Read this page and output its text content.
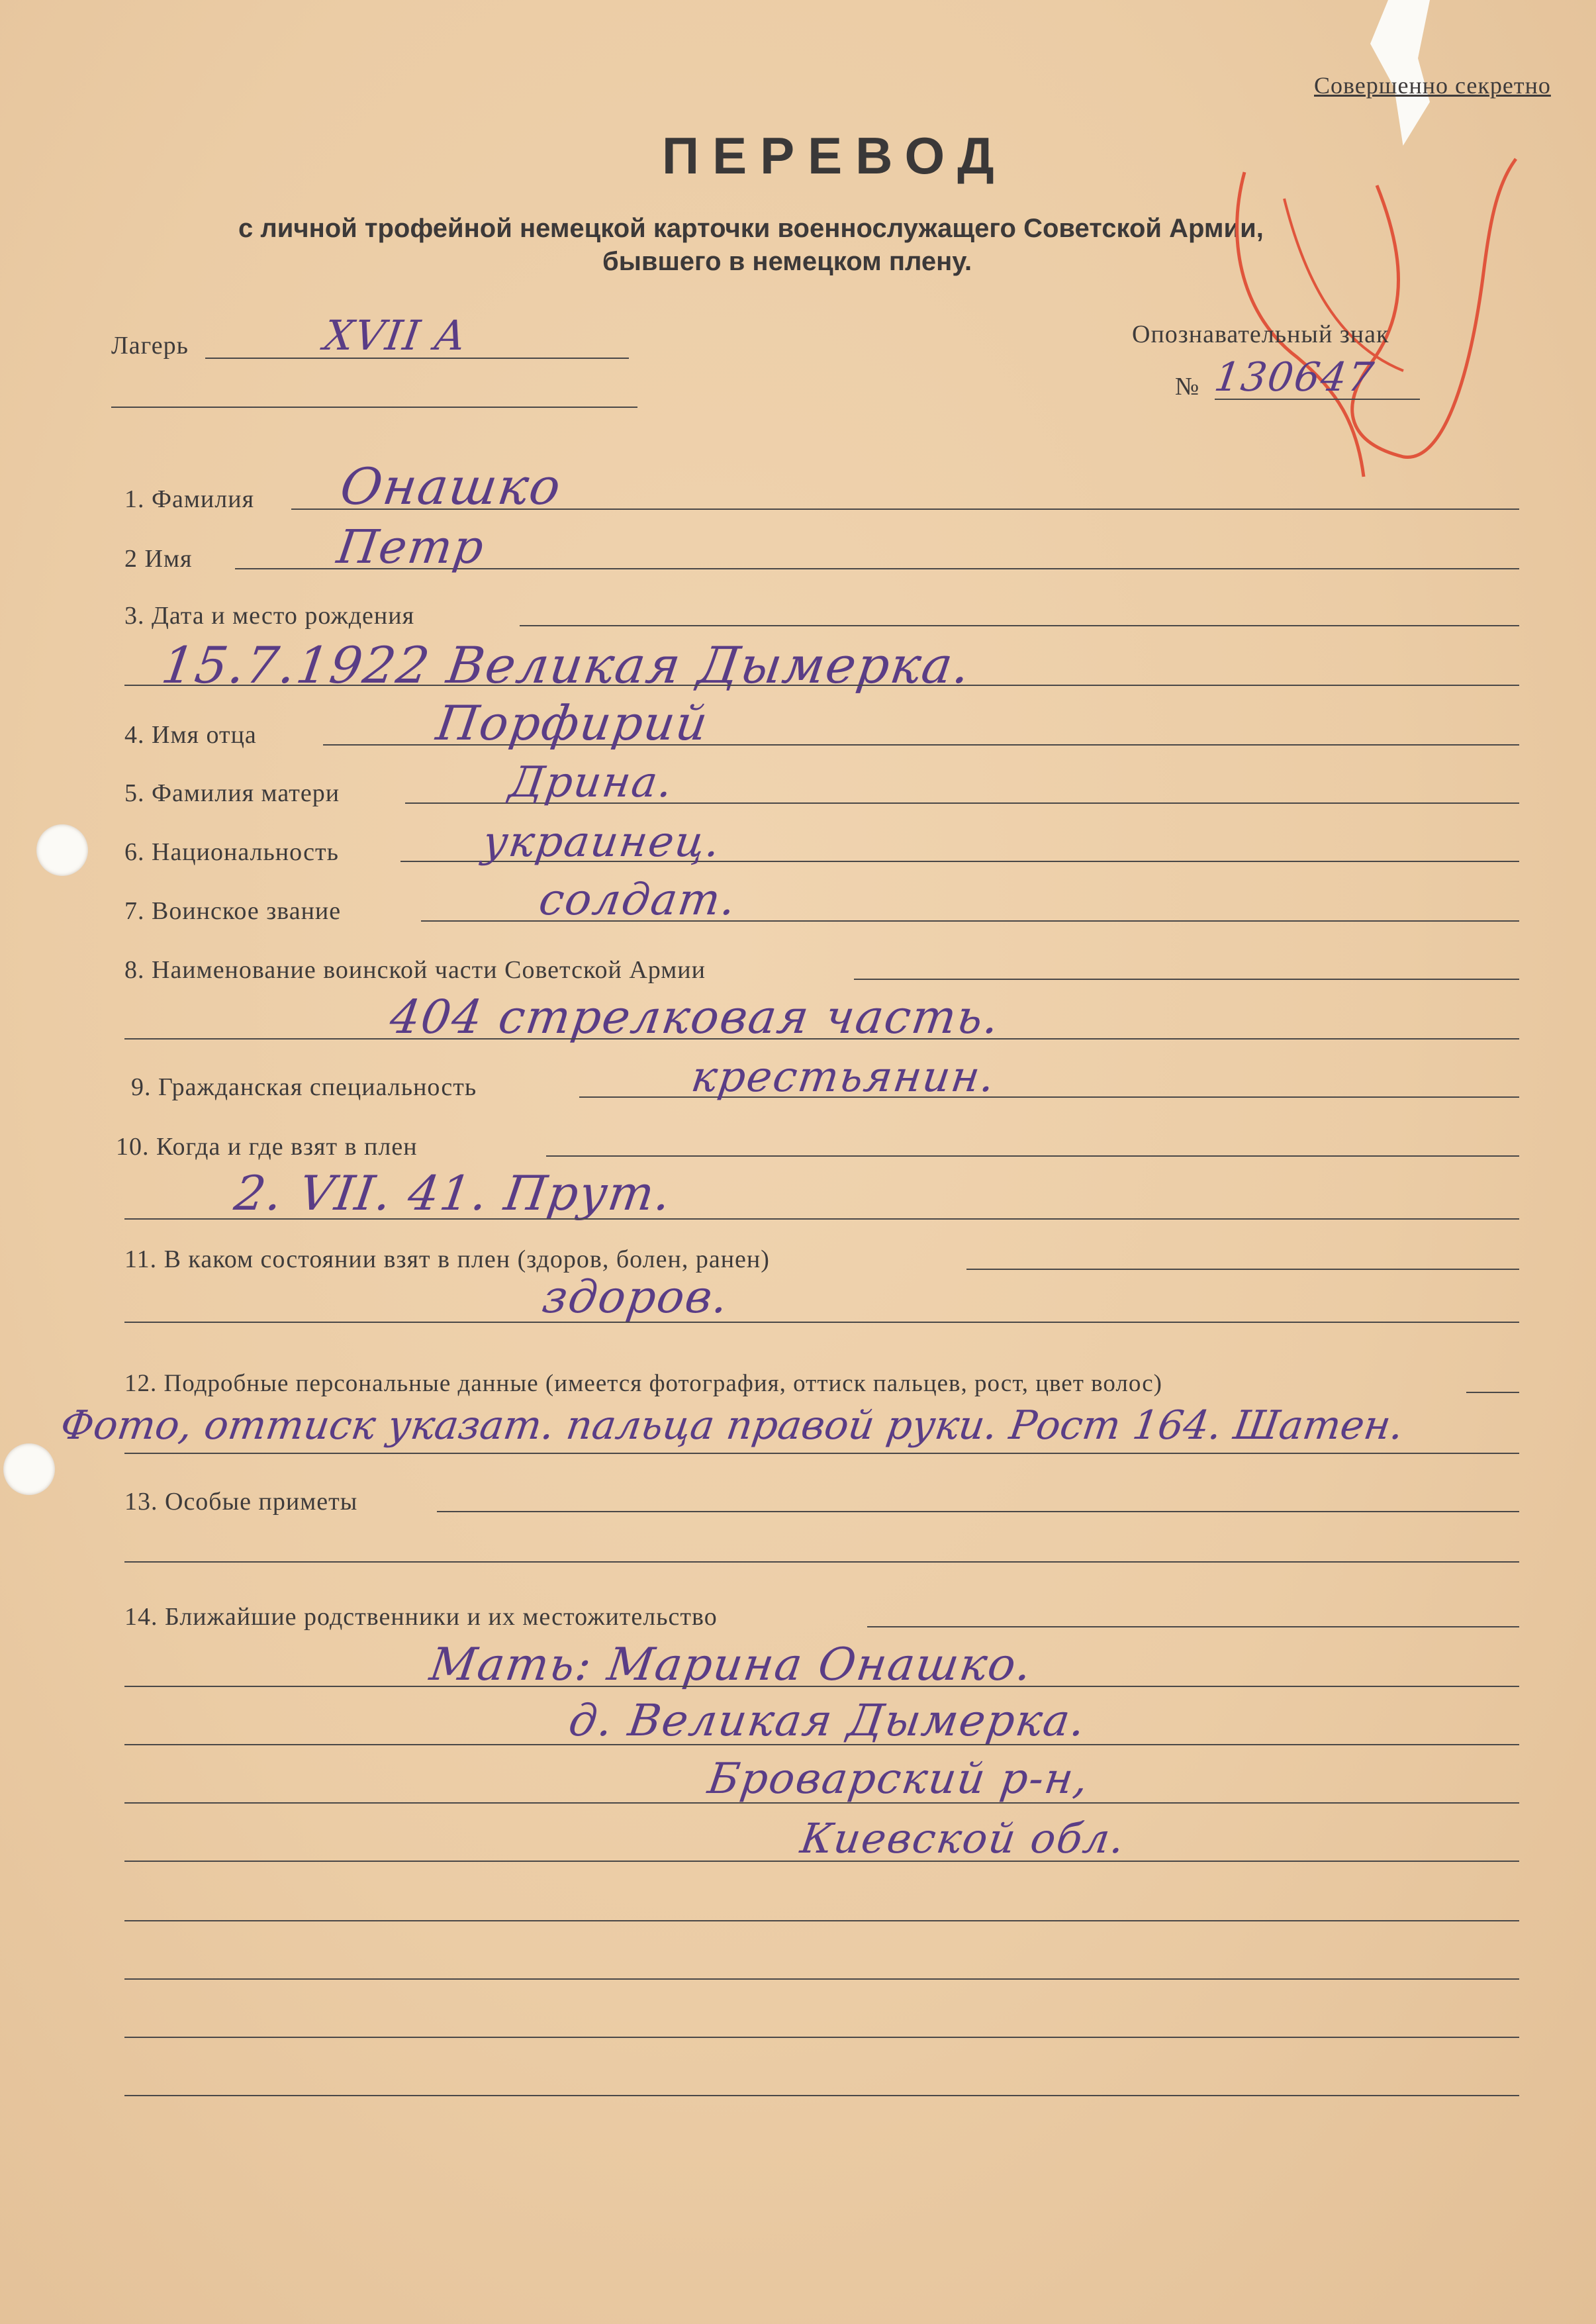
Совершенно секретно
ПЕРЕВОД
с личной трофейной немецкой карточки военнослужащего Советской Армии,
бывшего в немецком плену.
Лагерь	XVII A	Опознавательный знак
№ 130647
1. Фамилия Онашко
2 Имя	Петр
3. Дата и место рождения
15.7.1922 Великая Дымерка.
4. Имя отца	Порфирий
5. Фамилия матери	Дрина.
6. Национальность	украинец.
7. Воинское звание	солдат.
8. Наименование воинской части Советской Армии
404 стрелковая часть.
9. Гражданская специальность	крестьянин.
10. Когда и где взят в плен
2. VII. 41. Прут.
11. В каком состоянии взят в плен (здоров, болен, ранен)
здоров.
12. Подробные персональные данные (имеется фотография, оттиск пальцев, рост, цвет волос)
Фото, оттиск указат. пальца правой руки. Рост 164. Шатен.
13. Особые приметы
14. Ближайшие родственники и их местожительство
Мать: Марина Онашко.
д. Великая Дымерка.
Броварский р-н,
Киевской обл.
